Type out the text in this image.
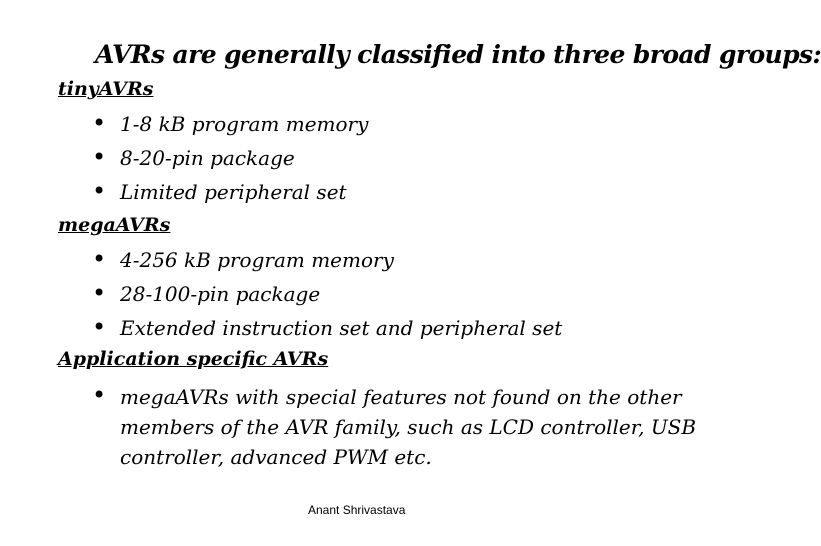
AVRs are generally classified into three broad groups:
tinyAVRs
• 1-8 kB program memory
• 8-20-pin package
• Limited peripheral set
megaAVRs
• 4-256 kB program memory
• 28-100-pin package
• Extended instruction set and peripheral set
Application specific AVRs
• megaAVRs with special features not found on the other members of the AVR family, such as LCD controller, USB controller, advanced PWM etc.
Anant Shrivastava
